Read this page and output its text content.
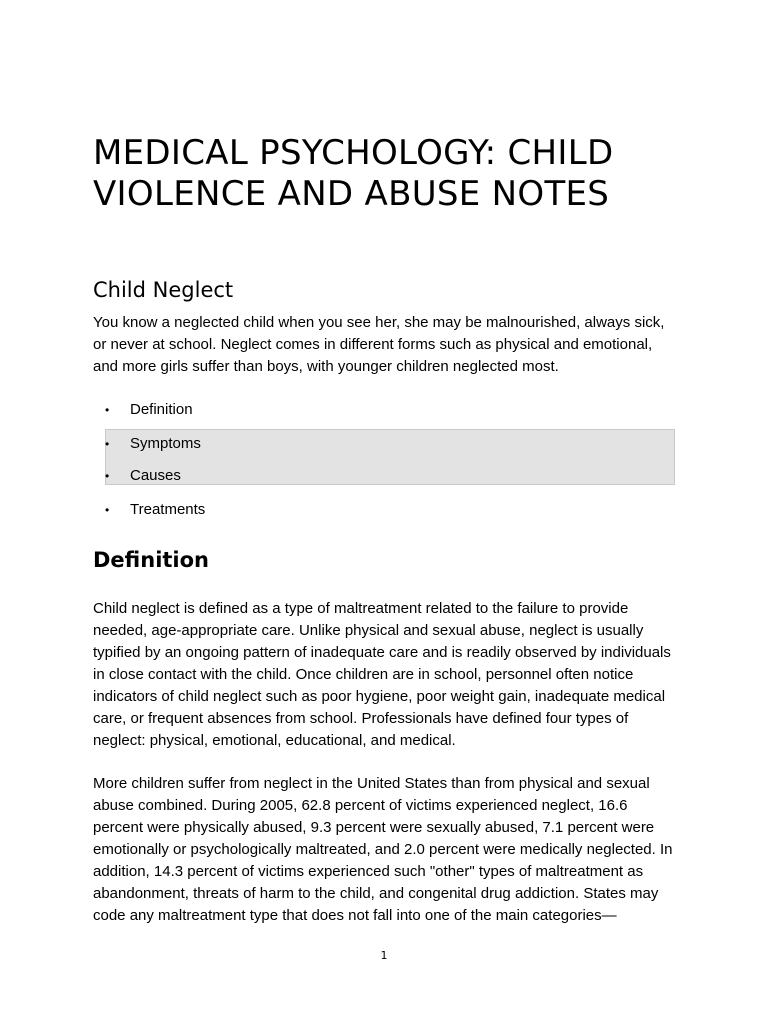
MEDICAL PSYCHOLOGY: CHILD VIOLENCE AND ABUSE NOTES
Child Neglect

You know a neglected child when you see her, she may be malnourished, always sick, or never at school. Neglect comes in different forms such as physical and emotional, and more girls suffer than boys, with younger children neglected most.

• Definition
• Symptoms
• Causes
• Treatments
Definition

Child neglect is defined as a type of maltreatment related to the failure to provide needed, age-appropriate care. Unlike physical and sexual abuse, neglect is usually typified by an ongoing pattern of inadequate care and is readily observed by individuals in close contact with the child. Once children are in school, personnel often notice indicators of child neglect such as poor hygiene, poor weight gain, inadequate medical care, or frequent absences from school. Professionals have defined four types of neglect: physical, emotional, educational, and medical.

More children suffer from neglect in the United States than from physical and sexual abuse combined. During 2005, 62.8 percent of victims experienced neglect, 16.6 percent were physically abused, 9.3 percent were sexually abused, 7.1 percent were emotionally or psychologically maltreated, and 2.0 percent were medically neglected. In addition, 14.3 percent of victims experienced such "other" types of maltreatment as abandonment, threats of harm to the child, and congenital drug addiction. States may code any maltreatment type that does not fall into one of the main categories—

1
